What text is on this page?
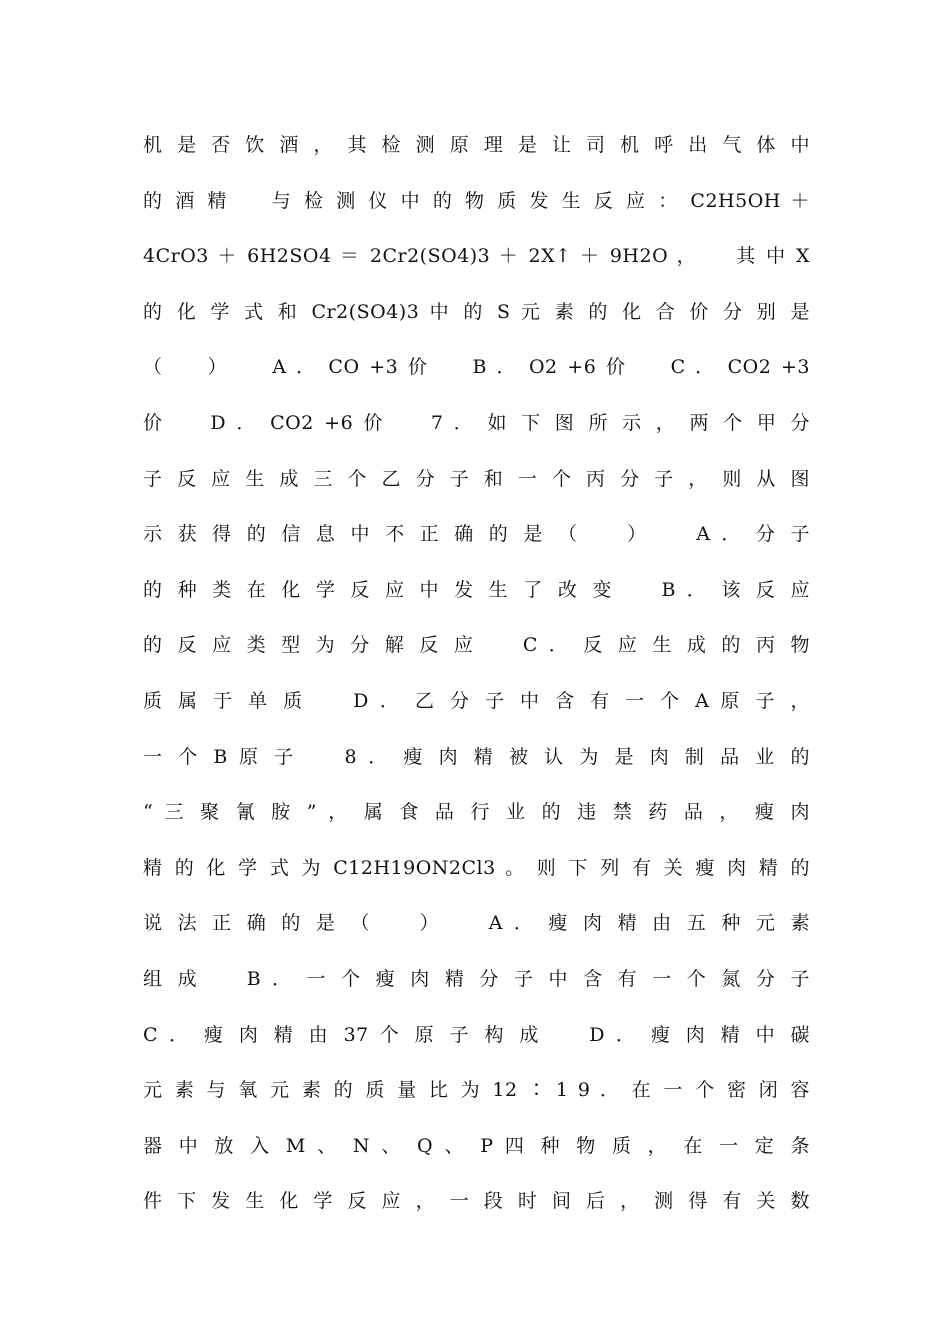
机 是 否 饮 酒 ， 其 检 测 原 理 是 让 司 机 呼 出 气 体 中
的 酒 精 　 与 检 测 仪 中 的 物 质 发 生 反 应 ： C2H5OH ＋
4CrO3 ＋ 6H2SO4 ＝ 2Cr2(SO4)3 ＋ 2X↑ ＋ 9H2O ， 　 其 中 X
的 化 学 式 和 Cr2(SO4)3 中 的 S 元 素 的 化 合 价 分 别 是
（ 　 ） 　 A ． CO +3 价 　 B ． O2 +6 价 　 C ． CO2 +3
价 　 D ． CO2 +6 价 　 7 ． 如 下 图 所 示 ， 两 个 甲 分
子 反 应 生 成 三 个 乙 分 子 和 一 个 丙 分 子 ， 则 从 图
示 获 得 的 信 息 中 不 正 确 的 是 （ 　 ） 　 A ． 分 子
的 种 类 在 化 学 反 应 中 发 生 了 改 变 　 B ． 该 反 应
的 反 应 类 型 为 分 解 反 应 　 C ． 反 应 生 成 的 丙 物
质 属 于 单 质 　 D ． 乙 分 子 中 含 有 一 个 A 原 子 ，
一 个 B 原 子 　 8 ． 瘦 肉 精 被 认 为 是 肉 制 品 业 的
“ 三 聚 氰 胺 ” ， 属 食 品 行 业 的 违 禁 药 品 ， 瘦 肉
精 的 化 学 式 为 C12H19ON2Cl3 。 则 下 列 有 关 瘦 肉 精 的
说 法 正 确 的 是 （ 　 ） 　 A ． 瘦 肉 精 由 五 种 元 素
组 成 　 B ． 一 个 瘦 肉 精 分 子 中 含 有 一 个 氮 分 子
C ． 瘦 肉 精 由 37 个 原 子 构 成 　 D ． 瘦 肉 精 中 碳
元 素 与 氧 元 素 的 质 量 比 为 12 ∶ 1 9 ． 在 一 个 密 闭 容
器 中 放 入 M 、 N 、 Q 、 P 四 种 物 质 ， 在 一 定 条
件 下 发 生 化 学 反 应 ， 一 段 时 间 后 ， 测 得 有 关 数
